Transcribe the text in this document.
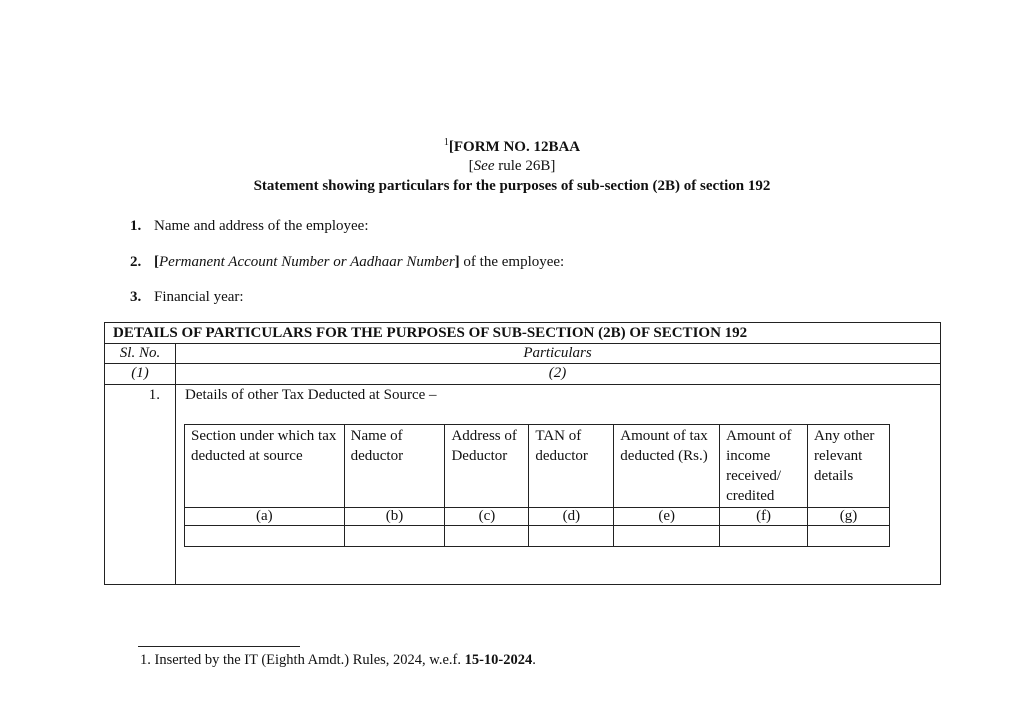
$^1$[FORM NO. 12BAA
[See rule 26B]
Statement showing particulars for the purposes of sub-section (2B) of section 192
1. Name and address of the employee:
2. [Permanent Account Number or Aadhaar Number] of the employee:
3. Financial year:
DETAILS OF PARTICULARS FOR THE PURPOSES OF SUB-SECTION (2B) OF SECTION 192
Sl. No.	Particulars
(1)	(2)
1. Details of other Tax Deducted at Source –
Section under which tax deducted at source	Name of deductor	Address of Deductor	TAN of deductor	Amount of tax deducted (Rs.)	Amount of income received/ credited	Any other relevant details
(a)	(b)	(c)	(d)	(e)	(f)	(g)

1. Inserted by the IT (Eighth Amdt.) Rules, 2024, w.e.f. 15-10-2024.
